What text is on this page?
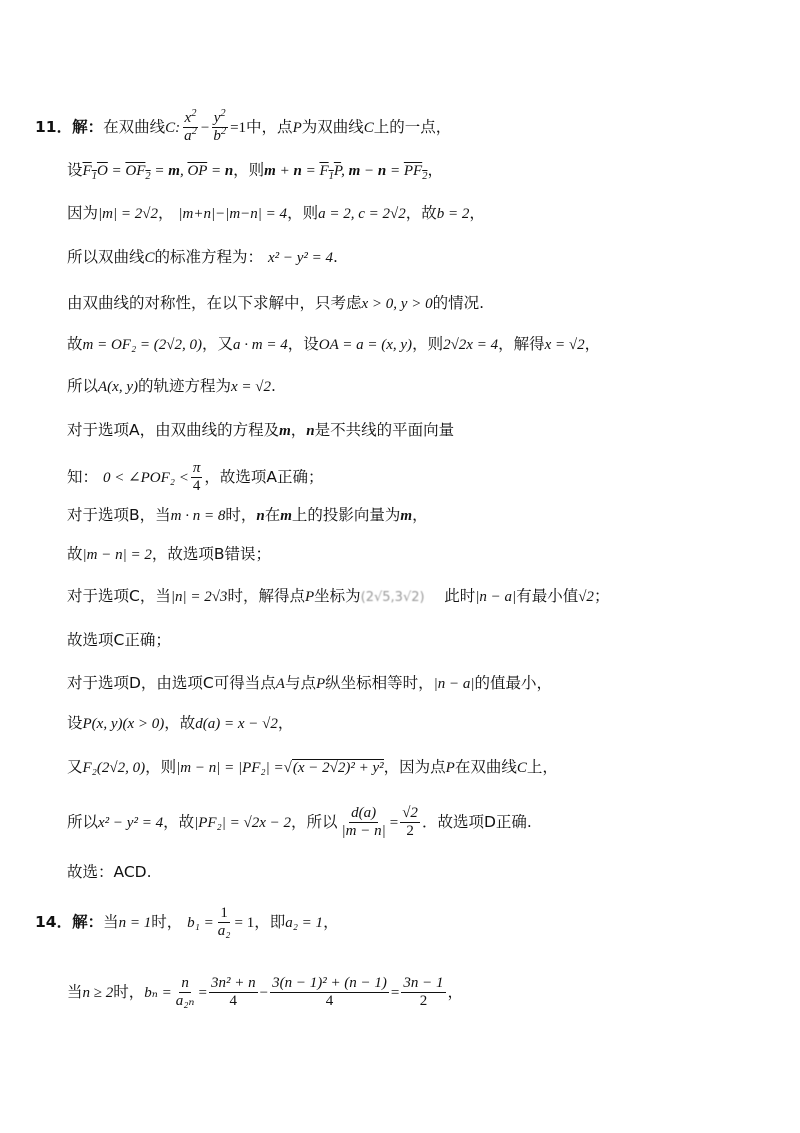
11．解：在双曲线C: $\frac{x^2}{a^2} - \frac{y^2}{b^2} =1$中，点P为双曲线C上的一点，
设$F_1O = OF_2 = m$, $\overline{OP} = n$，则$m + n = F_1P$, $m - n = PF_2$，
因为|m| = 2√2， |m+n|−|m−n| = 4，则a = 2, c = 2√2，故b = 2，
所以双曲线C的标准方程为： x² − y² = 4.
由双曲线的对称性，在以下求解中，只考虑x > 0, y > 0的情况.
故m = OF₂ = (2√2, 0)，又a · m = 4，设OA = a = (x, y)，则2√2x = 4，解得x = √2，
所以A(x, y)的轨迹方程为x = √2.
对于选项A，由双曲线的方程及m，n是不共线的平面向量
知： 0 < ∠POF₂ < $\frac{\pi}{4}$ ，故选项A正确；
对于选项B，当m · n = 8时，n在m上的投影向量为m，
故|m − n| = 2，故选项B错误；
对于选项C，当|n| = 2√3时，解得点P坐标为(2√5,3√2) 此时|n − a|有最小值√2；
故选项C正确；
对于选项D，由选项C可得当点A与点P纵坐标相等时，|n − a|的值最小，
设P(x, y)(x > 0)，故d(a) = x − √2，
又F₂(2√2, 0)，则|m − n| = |PF₂| =√(x − 2√2)² + y²，因为点P在双曲线C上，
所以x² − y² = 4，故|PF₂| = √2x − 2，所以 $\frac{d(a)}{|m - n|} = \frac{√2}{2}$ ．故选项D正确.
故选：ACD.
14．解：当n = 1时， $b_1 = \frac{1}{\text{a₂}} = 1$，即a₂ = 1，
当n ≥ 2时，$b_n = \frac{n}{\text{a₂ₙ}} = \frac{\text{3n² + n}}{4} - \frac{\text{3(n − 1)² + (n − 1)}}{4} = \frac{3n - 1}{2}$ ，
